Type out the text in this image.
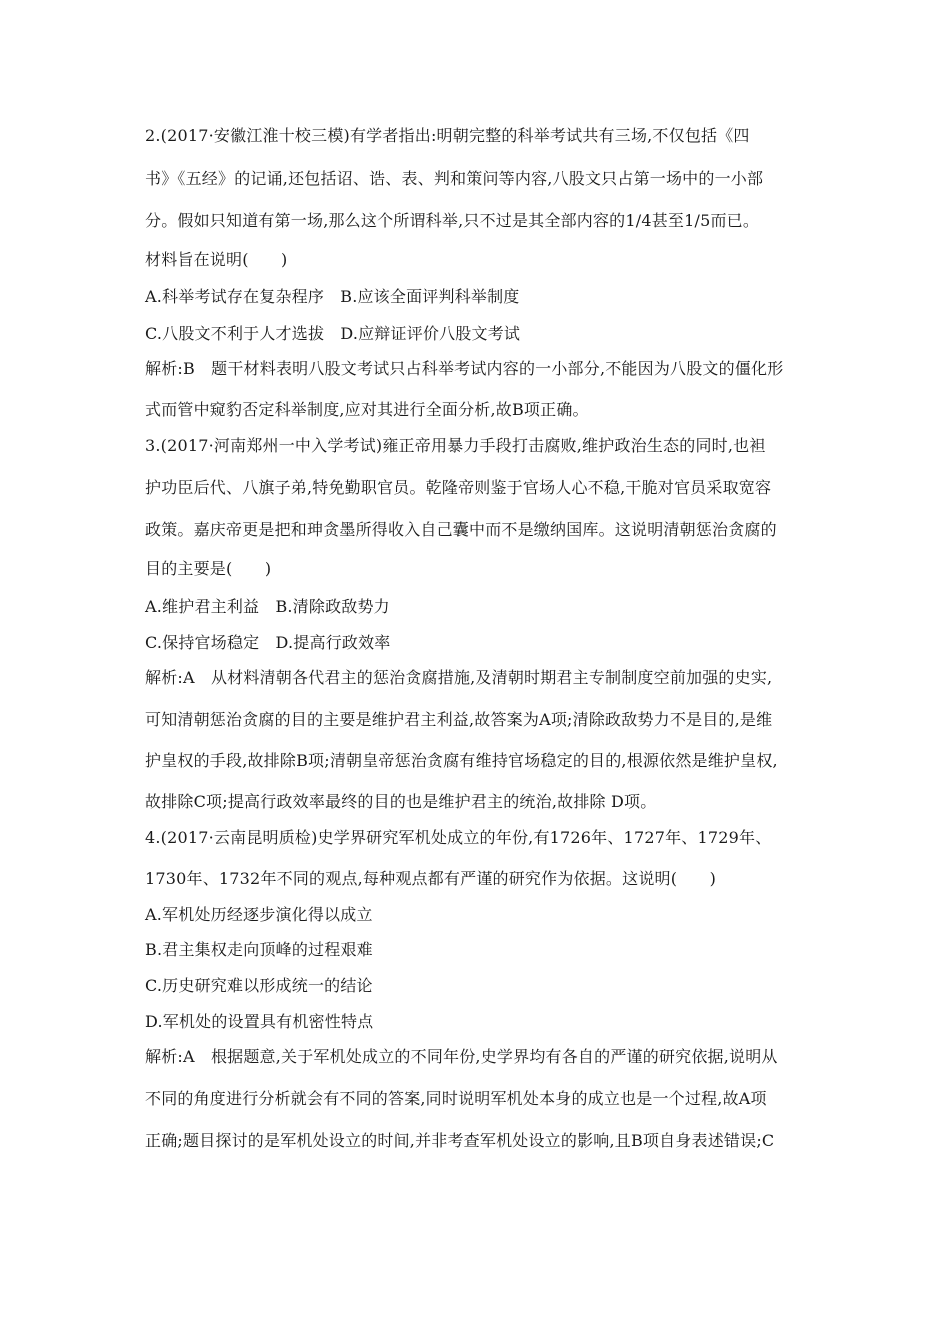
2.(2017·安徽江淮十校三模)有学者指出:明朝完整的科举考试共有三场,不仅包括《四
书》《五经》的记诵,还包括诏、诰、表、判和策问等内容,八股文只占第一场中的一小部
分。假如只知道有第一场,那么这个所谓科举,只不过是其全部内容的1/4甚至1/5而已。
材料旨在说明(　　)
A.科举考试存在复杂程序　B.应该全面评判科举制度
C.八股文不利于人才选拔　D.应辩证评价八股文考试
解析:B　题干材料表明八股文考试只占科举考试内容的一小部分,不能因为八股文的僵化形
式而管中窥豹否定科举制度,应对其进行全面分析,故B项正确。
3.(2017·河南郑州一中入学考试)雍正帝用暴力手段打击腐败,维护政治生态的同时,也袒
护功臣后代、八旗子弟,特免勤职官员。乾隆帝则鉴于官场人心不稳,干脆对官员采取宽容
政策。嘉庆帝更是把和珅贪墨所得收入自己囊中而不是缴纳国库。这说明清朝惩治贪腐的
目的主要是(　　)
A.维护君主利益　B.清除政敌势力
C.保持官场稳定　D.提高行政效率
解析:A　从材料清朝各代君主的惩治贪腐措施,及清朝时期君主专制制度空前加强的史实,
可知清朝惩治贪腐的目的主要是维护君主利益,故答案为A项;清除政敌势力不是目的,是维
护皇权的手段,故排除B项;清朝皇帝惩治贪腐有维持官场稳定的目的,根源依然是维护皇权,
故排除C项;提高行政效率最终的目的也是维护君主的统治,故排除 D项。
4.(2017·云南昆明质检)史学界研究军机处成立的年份,有1726年、1727年、1729年、
1730年、1732年不同的观点,每种观点都有严谨的研究作为依据。这说明(　　)
A.军机处历经逐步演化得以成立
B.君主集权走向顶峰的过程艰难
C.历史研究难以形成统一的结论
D.军机处的设置具有机密性特点
解析:A　根据题意,关于军机处成立的不同年份,史学界均有各自的严谨的研究依据,说明从
不同的角度进行分析就会有不同的答案,同时说明军机处本身的成立也是一个过程,故A项
正确;题目探讨的是军机处设立的时间,并非考查军机处设立的影响,且B项自身表述错误;C
